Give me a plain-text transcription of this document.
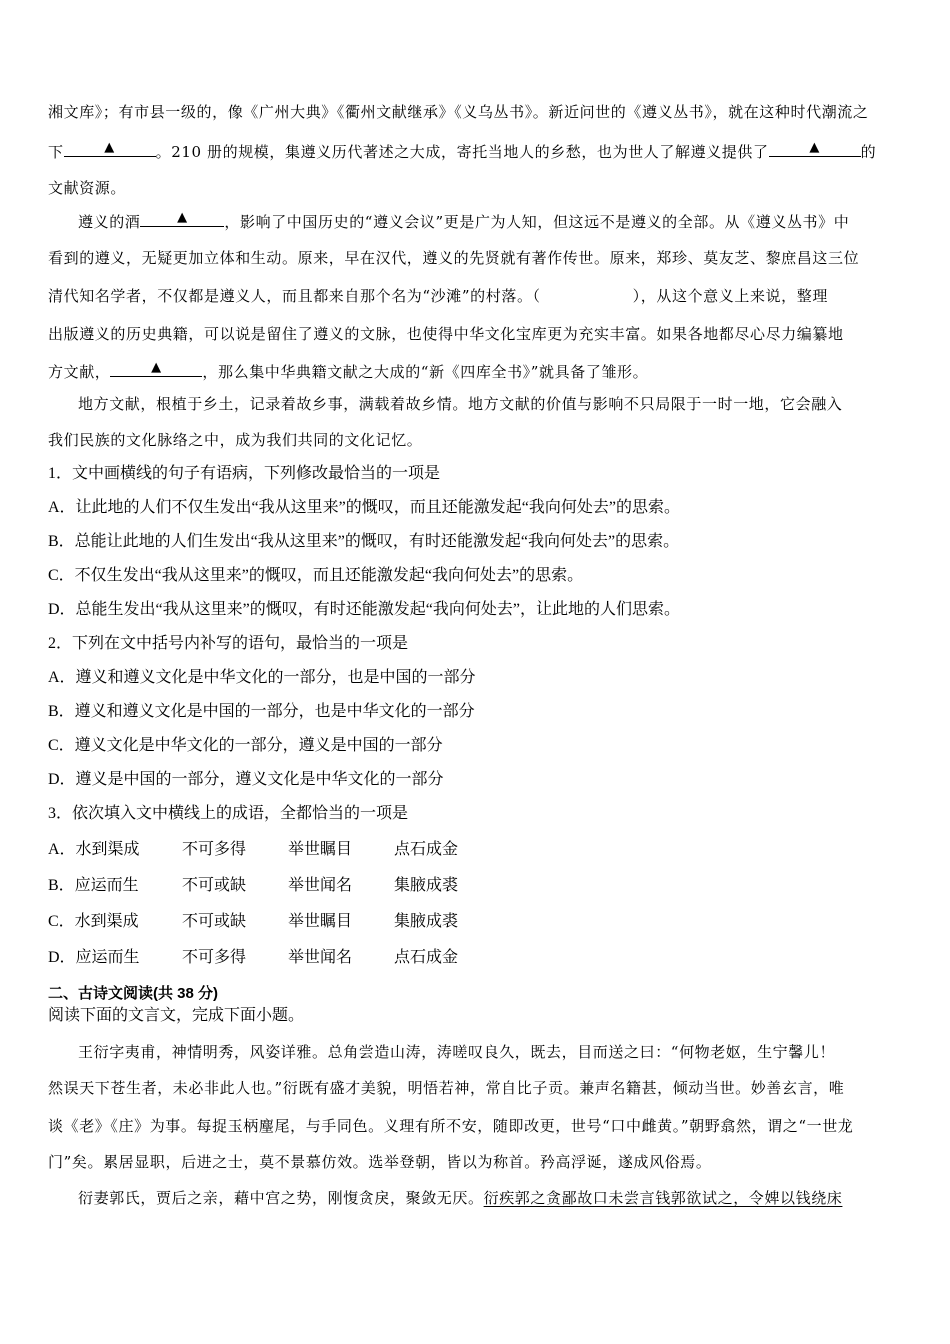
湘文库》；有市县一级的，像《广州大典》《衢州文献继承》《义乌丛书》。新近问世的《遵义丛书》，就在这种时代潮流之
下	▲	。210 册的规模，集遵义历代著述之大成，寄托当地人的乡愁，也为世人了解遵义提供了	▲	的
文献资源。
遵义的酒	▲	，影响了中国历史的“遵义会议”更是广为人知，但这远不是遵义的全部。从《遵义丛书》中
看到的遵义，无疑更加立体和生动。原来，早在汉代，遵义的先贤就有著作传世。原来，郑珍、莫友芝、黎庶昌这三位
清代知名学者，不仅都是遵义人，而且都来自那个名为“沙滩”的村落。（	），从这个意义上来说，整理
出版遵义的历史典籍，可以说是留住了遵义的文脉，也使得中华文化宝库更为充实丰富。如果各地都尽心尽力编纂地
方文献，	▲	，那么集中华典籍文献之大成的“新《四库全书》”就具备了雏形。
地方文献，根植于乡土，记录着故乡事，满载着故乡情。地方文献的价值与影响不只局限于一时一地，它会融入
我们民族的文化脉络之中，成为我们共同的文化记忆。
1．文中画横线的句子有语病，下列修改最恰当的一项是
A．让此地的人们不仅生发出“我从这里来”的慨叹，而且还能激发起“我向何处去”的思索。
B．总能让此地的人们生发出“我从这里来”的慨叹，有时还能激发起“我向何处去”的思索。
C．不仅生发出“我从这里来”的慨叹，而且还能激发起“我向何处去”的思索。
D．总能生发出“我从这里来”的慨叹，有时还能激发起“我向何处去”，让此地的人们思索。
2．下列在文中括号内补写的语句，最恰当的一项是
A．遵义和遵义文化是中华文化的一部分，也是中国的一部分
B．遵义和遵义文化是中国的一部分，也是中华文化的一部分
C．遵义文化是中华文化的一部分，遵义是中国的一部分
D．遵义是中国的一部分，遵义文化是中华文化的一部分
3．依次填入文中横线上的成语，全都恰当的一项是
A．水到渠成	不可多得	举世瞩目	点石成金
B．应运而生	不可或缺	举世闻名	集腋成裘
C．水到渠成	不可或缺	举世瞩目	集腋成裘
D．应运而生	不可多得	举世闻名	点石成金
二、古诗文阅读(共 38 分)
阅读下面的文言文，完成下面小题。
王衍字夷甫，神情明秀，风姿详雅。总角尝造山涛，涛嗟叹良久，既去，目而送之曰：“何物老妪，生宁馨儿！
然误天下苍生者，未必非此人也。”衍既有盛才美貌，明悟若神，常自比子贡。兼声名籍甚，倾动当世。妙善玄言，唯
谈《老》《庄》为事。每捉玉柄麈尾，与手同色。义理有所不安，随即改更，世号“口中雌黄。”朝野翕然，谓之“一世龙
门”矣。累居显职，后进之士，莫不景慕仿效。选举登朝，皆以为称首。矜高浮诞，遂成风俗焉。
衍妻郭氏，贾后之亲，藉中宫之势，刚愎贪戾，聚敛无厌。衍疾郭之贪鄙故口未尝言钱郭欲试之，令婢以钱绕床
